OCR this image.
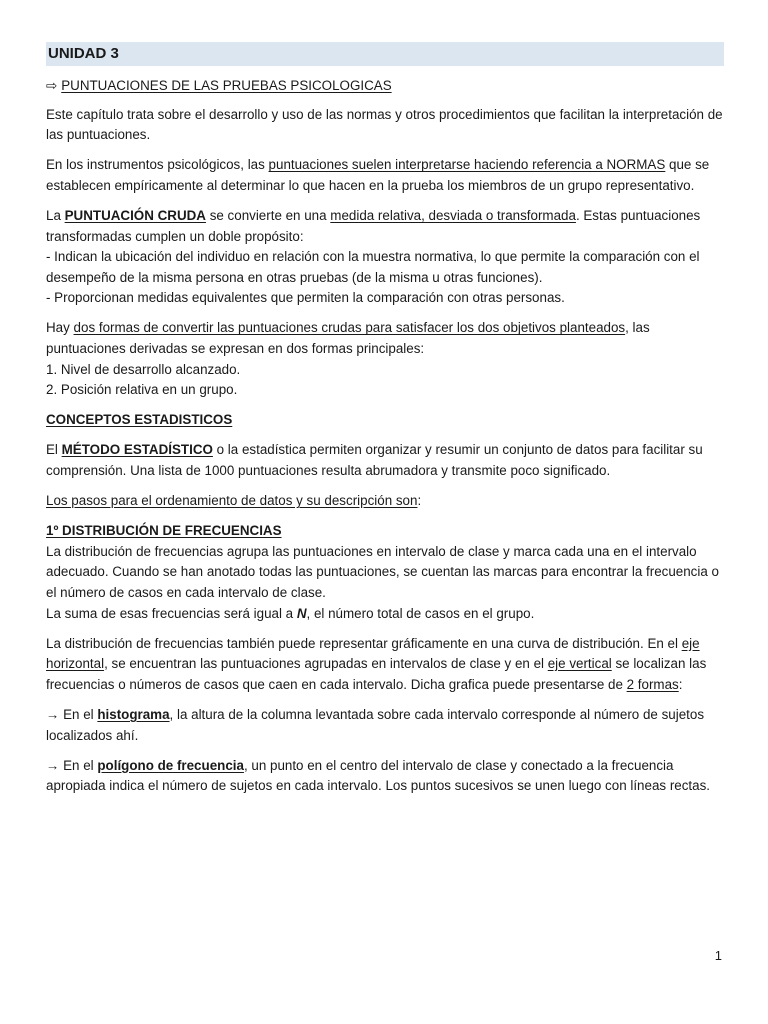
UNIDAD 3
⇨ PUNTUACIONES DE LAS PRUEBAS PSICOLOGICAS

Este capítulo trata sobre el desarrollo y uso de las normas y otros procedimientos que facilitan la interpretación de las puntuaciones.

En los instrumentos psicológicos, las puntuaciones suelen interpretarse haciendo referencia a NORMAS que se establecen empíricamente al determinar lo que hacen en la prueba los miembros de un grupo representativo.

La PUNTUACIÓN CRUDA se convierte en una medida relativa, desviada o transformada. Estas puntuaciones transformadas cumplen un doble propósito:
- Indican la ubicación del individuo en relación con la muestra normativa, lo que permite la comparación con el desempeño de la misma persona en otras pruebas (de la misma u otras funciones).
- Proporcionan medidas equivalentes que permiten la comparación con otras personas.

Hay dos formas de convertir las puntuaciones crudas para satisfacer los dos objetivos planteados, las puntuaciones derivadas se expresan en dos formas principales:
1. Nivel de desarrollo alcanzado.
2. Posición relativa en un grupo.

CONCEPTOS ESTADISTICOS

El MÉTODO ESTADÍSTICO o la estadística permiten organizar y resumir un conjunto de datos para facilitar su comprensión. Una lista de 1000 puntuaciones resulta abrumadora y transmite poco significado.

Los pasos para el ordenamiento de datos y su descripción son:

1º DISTRIBUCIÓN DE FRECUENCIAS
La distribución de frecuencias agrupa las puntuaciones en intervalo de clase y marca cada una en el intervalo adecuado. Cuando se han anotado todas las puntuaciones, se cuentan las marcas para encontrar la frecuencia o el número de casos en cada intervalo de clase.
La suma de esas frecuencias será igual a N, el número total de casos en el grupo.

La distribución de frecuencias también puede representar gráficamente en una curva de distribución. En el eje horizontal, se encuentran las puntuaciones agrupadas en intervalos de clase y en el eje vertical se localizan las frecuencias o números de casos que caen en cada intervalo. Dicha grafica puede presentarse de 2 formas:

→ En el histograma, la altura de la columna levantada sobre cada intervalo corresponde al número de sujetos localizados ahí.

→ En el polígono de frecuencia, un punto en el centro del intervalo de clase y conectado a la frecuencia apropiada indica el número de sujetos en cada intervalo. Los puntos sucesivos se unen luego con líneas rectas.

1
